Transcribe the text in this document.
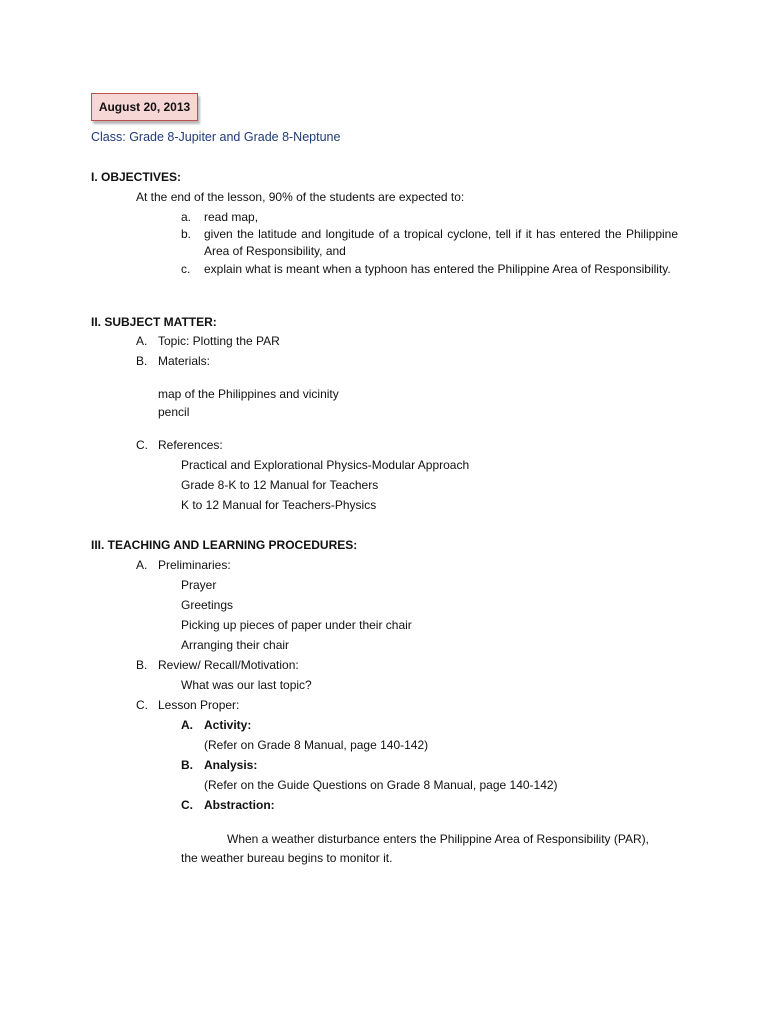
August 20, 2013
Class: Grade 8-Jupiter and Grade 8-Neptune
I. OBJECTIVES:
At the end of the lesson, 90% of the students are expected to:
a. read map,
b. given the latitude and longitude of a tropical cyclone, tell if it has entered the Philippine Area of Responsibility, and
c. explain what is meant when a typhoon has entered the Philippine Area of Responsibility.
II. SUBJECT MATTER:
A. Topic: Plotting the PAR
B. Materials:
map of the Philippines and vicinity
pencil
C. References:
Practical and Explorational Physics-Modular Approach
Grade 8-K to 12 Manual for Teachers
K to 12 Manual for Teachers-Physics
III. TEACHING AND LEARNING PROCEDURES:
A. Preliminaries:
Prayer
Greetings
Picking up pieces of paper under their chair
Arranging their chair
B. Review/ Recall/Motivation:
What was our last topic?
C. Lesson Proper:
A. Activity:
(Refer on Grade 8 Manual, page 140-142)
B. Analysis:
(Refer on the Guide Questions on Grade 8 Manual, page 140-142)
C. Abstraction:
When a weather disturbance enters the Philippine Area of Responsibility (PAR),
the weather bureau begins to monitor it.
